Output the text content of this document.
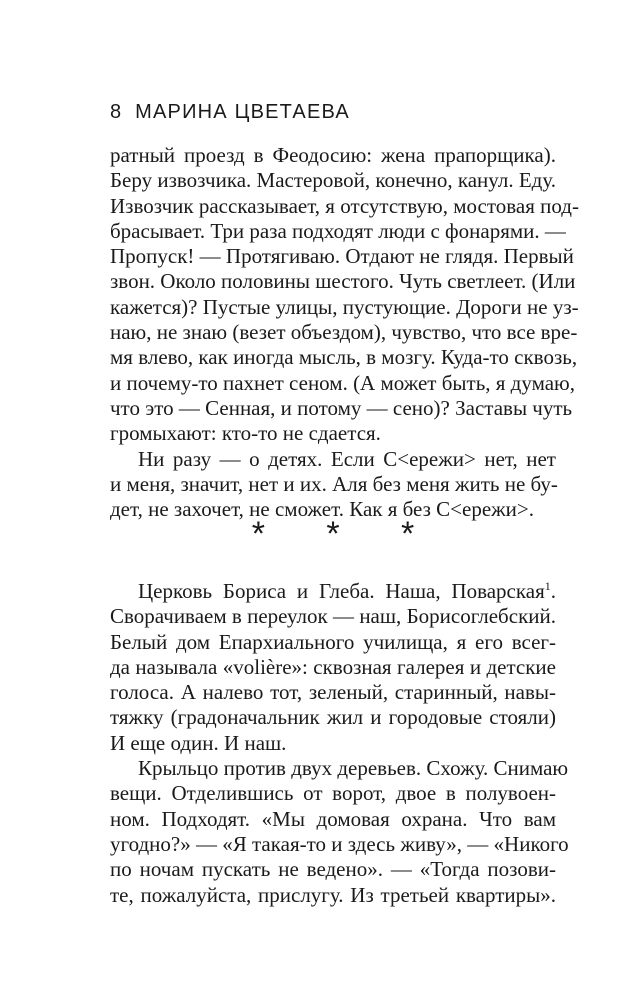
8 МАРИНА ЦВЕТАЕВА

ратный проезд в Феодосию: жена прапорщика).
Беру извозчика. Мастеровой, конечно, канул. Еду.
Извозчик рассказывает, я отсутствую, мостовая под-
брасывает. Три раза подходят люди с фонарями. —
Пропуск! — Протягиваю. Отдают не глядя. Первый
звон. Около половины шестого. Чуть светлеет. (Или
кажется)? Пустые улицы, пустующие. Дороги не уз-
наю, не знаю (везет объездом), чувство, что все вре-
мя влево, как иногда мысль, в мозгу. Куда-то сквозь,
и почему-то пахнет сеном. (А может быть, я думаю,
что это — Сенная, и потому — сено)? Заставы чуть
громыхают: кто-то не сдается.

Ни разу — о детях. Если С<ережи> нет, нет
и меня, значит, нет и их. Аля без меня жить не бу-
дет, не захочет, не сможет. Как я без С<ережи>.

* * *

Церковь Бориса и Глеба. Наша, Поварская$^1$.
Сворачиваем в переулок — наш, Борисоглебский.
Белый дом Епархиального училища, я его всег-
да называла «volière»: сквозная галерея и детские
голоса. А налево тот, зеленый, старинный, навы-
тяжку (градоначальник жил и городовые стояли)
И еще один. И наш.

Крыльцо против двух деревьев. Схожу. Снимаю
вещи. Отделившись от ворот, двое в полувоен-
ном. Подходят. «Мы домовая охрана. Что вам
угодно?» — «Я такая-то и здесь живу», — «Никого
по ночам пускать не ведено». — «Тогда позови-
те, пожалуйста, прислугу. Из третьей квартиры».
